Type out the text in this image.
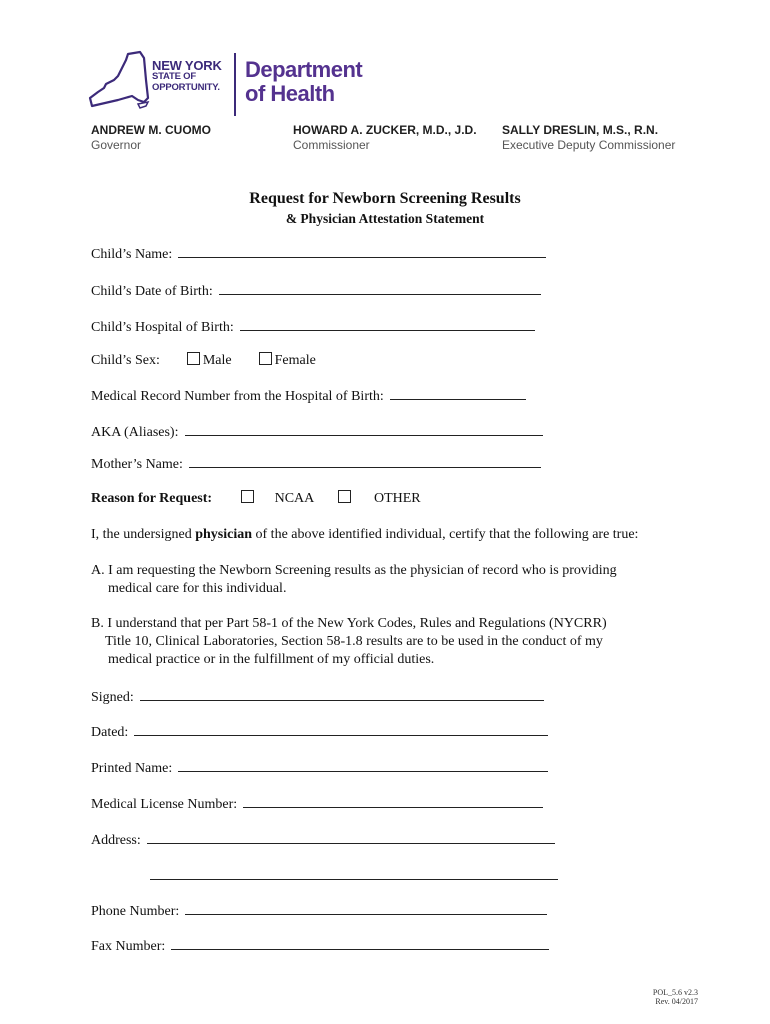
NEW YORK
STATE OF
OPPORTUNITY.
Department
of Health
ANDREW M. CUOMO
Governor
HOWARD A. ZUCKER, M.D., J.D.
Commissioner
SALLY DRESLIN, M.S., R.N.
Executive Deputy Commissioner
Request for Newborn Screening Results
& Physician Attestation Statement
Child’s Name:
Child’s Date of Birth:
Child’s Hospital of Birth:
Child’s Sex:	Male	Female
Medical Record Number from the Hospital of Birth:
AKA (Aliases):
Mother’s Name:
Reason for Request:	NCAA	OTHER
I, the undersigned physician of the above identified individual, certify that the following are true:
A. I am requesting the Newborn Screening results as the physician of record who is providing
medical care for this individual.
B. I understand that per Part 58-1 of the New York Codes, Rules and Regulations (NYCRR)
Title 10, Clinical Laboratories, Section 58-1.8 results are to be used in the conduct of my
medical practice or in the fulfillment of my official duties.
Signed:
Dated:
Printed Name:
Medical License Number:
Address:
Phone Number:
Fax Number:
POL_5.6 v2.3
Rev. 04/2017
